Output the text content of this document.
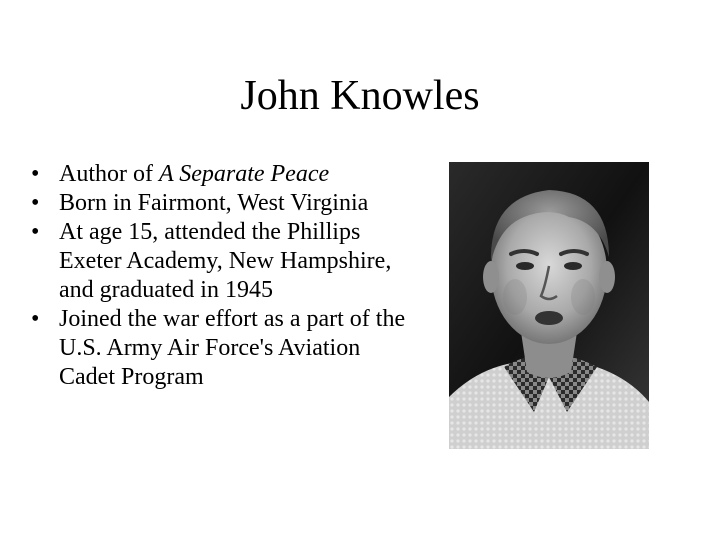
John Knowles
• Author of A Separate Peace
• Born in Fairmont, West Virginia
• At age 15, attended the Phillips Exeter Academy, New Hampshire, and graduated in 1945
• Joined the war effort as a part of the U.S. Army Air Force's Aviation Cadet Program
